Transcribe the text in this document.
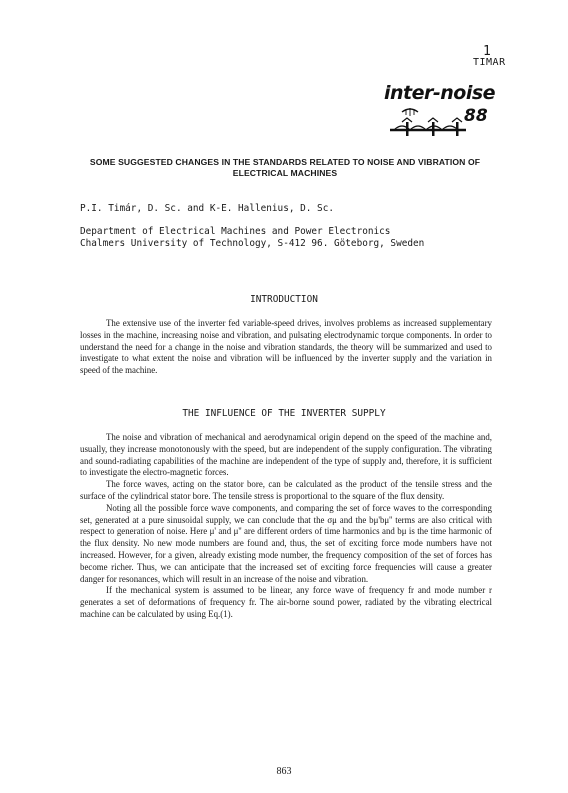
1
TIMAR
inter-noise
88
SOME SUGGESTED CHANGES IN THE STANDARDS RELATED TO NOISE AND VIBRATION OF
ELECTRICAL MACHINES
P.I. Timár, D. Sc. and K-E. Hallenius, D. Sc.
Department of Electrical Machines and Power Electronics
Chalmers University of Technology, S-412 96. Göteborg, Sweden
INTRODUCTION

The extensive use of the inverter fed variable-speed drives, involves problems as increased supplementary losses in the machine, increasing noise and vibration, and pulsating electrodynamic torque components. In order to understand the need for a change in the noise and vibration standards, the theory will be summarized and used to investigate to what extent the noise and vibration will be influenced by the inverter supply and the variation in speed of the machine.

THE INFLUENCE OF THE INVERTER SUPPLY

The noise and vibration of mechanical and aerodynamical origin depend on the speed of the machine and, usually, they increase monotonously with the speed, but are independent of the supply configuration. The vibrating and sound-radiating capabilities of the machine are independent of the type of supply and, therefore, it is sufficient to investigate the electro-magnetic forces.

The force waves, acting on the stator bore, can be calculated as the product of the tensile stress and the surface of the cylindrical stator bore. The tensile stress is proportional to the square of the flux density.

Noting all the possible force wave components, and comparing the set of force waves to the corresponding set, generated at a pure sinusoidal supply, we can conclude that the σμ and the bμ'bμ'' terms are also critical with respect to generation of noise. Here μ' and μ'' are different orders of time harmonics and bμ is the time harmonic of the flux density. No new mode numbers are found and, thus, the set of exciting force mode numbers have not increased. However, for a given, already existing mode number, the frequency composition of the set of forces has become richer. Thus, we can anticipate that the increased set of exciting force frequencies will cause a greater danger for resonances, which will result in an increase of the noise and vibration.

If the mechanical system is assumed to be linear, any force wave of frequency fr and mode number r generates a set of deformations of frequency fr. The air-borne sound power, radiated by the vibrating electrical machine can be calculated by using Eq.(1).

863
